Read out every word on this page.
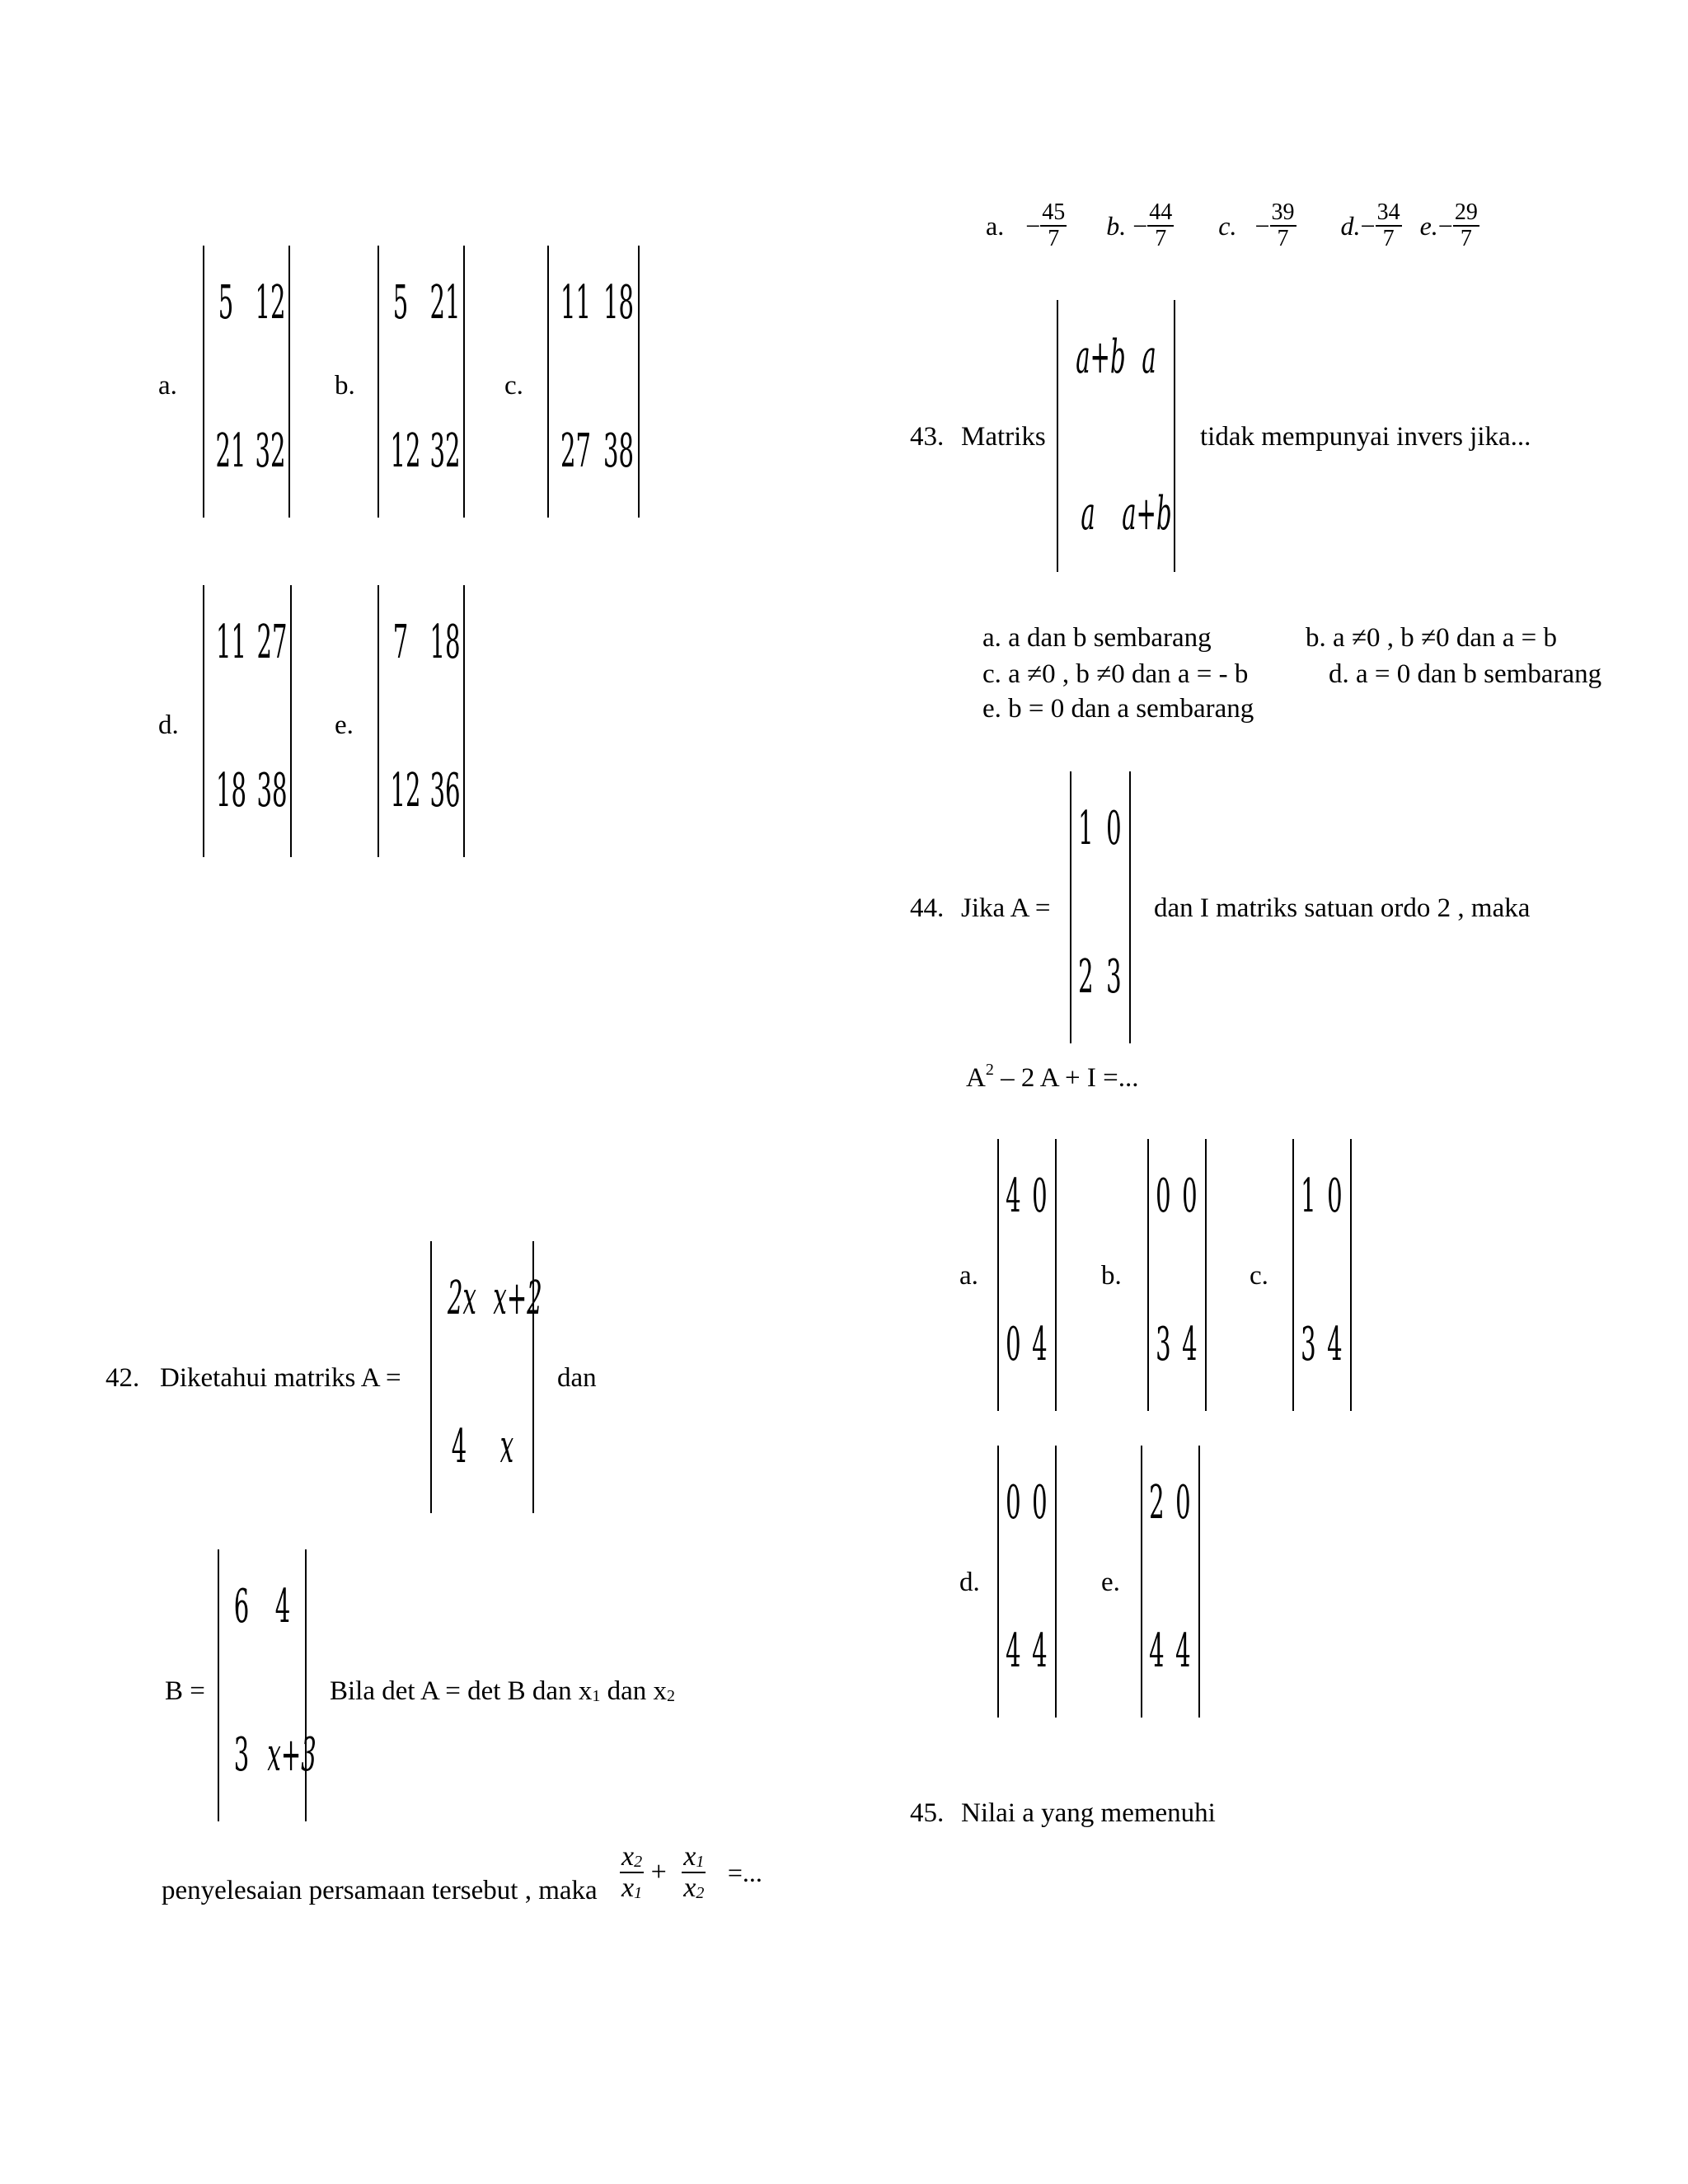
a.
5 12
21 32
b.
5 21
12 32
c.
11 18
27 38
d.
11 27
18 38
e.
7 18
12 36
42. Diketahui matriks A =
2x x+2
4 x
dan
B =
6 4
3 x+3
Bila det A = det B dan x1 dan x2
penyelesaian persamaan tersebut , maka $\frac{x2}{x1} + \frac{x1}{x2}$ =...
a. − $\frac{45}{7} b$. − $\frac{44}{7} c$. − $\frac{39}{7} d.- \frac{34}{7} e.- \frac{29}{7}$
43. Matriks
a+b a
a a+b
tidak mempunyai invers jika...
a. a dan b sembarang	b. a ≠0 , b ≠0 dan a = b
c. a ≠0 , b ≠0 dan a = - b	d. a = 0 dan b sembarang
e. b = 0 dan a sembarang
44. Jika A =
1 0
2 3
dan I matriks satuan ordo 2 , maka
$A^2 - 2$ A + I =...
a.
4 0
0 4
b.
0 0
3 4
c.
1 0
3 4
d.
0 0
4 4
e.
2 0
4 4
45. Nilai a yang memenuhi
